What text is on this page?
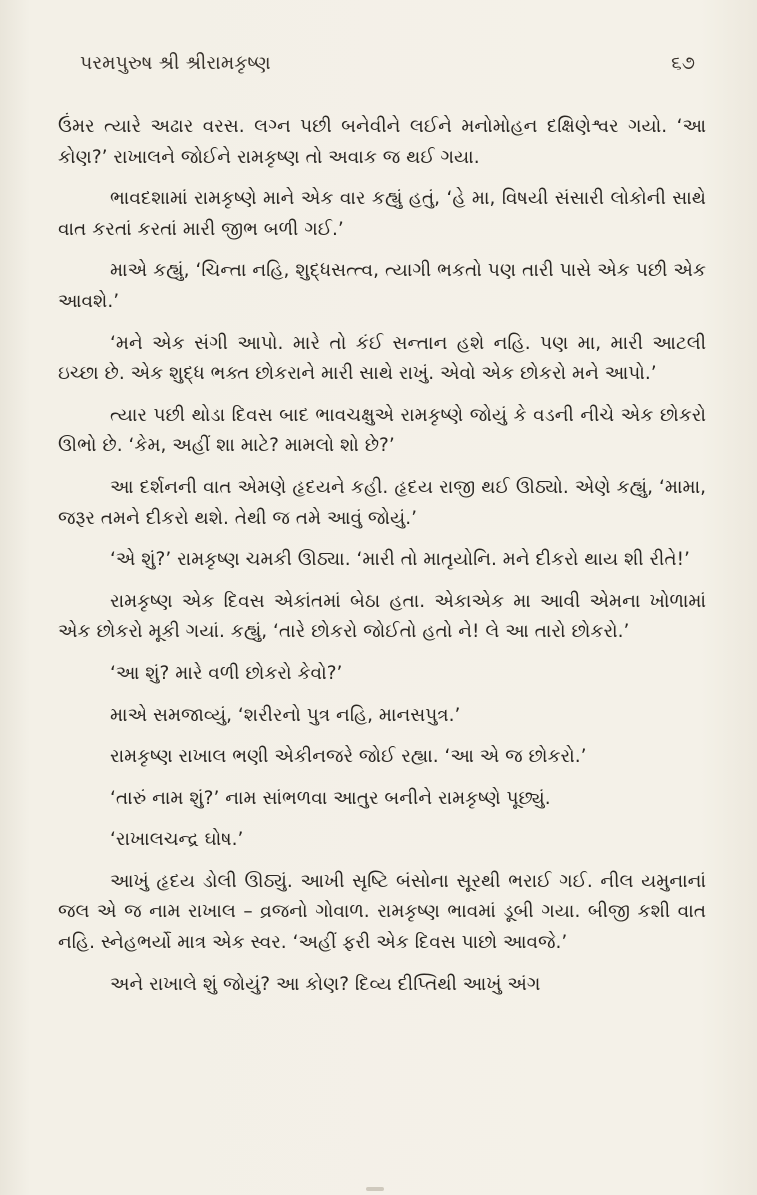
પરમપુરુષ શ્રી શ્રીરામકૃષ્ણ	૬૭

ઉંમર ત્યારે અઢાર વરસ. લગ્ન પછી બનેવીને લઈને મનોમોહન દક્ષિણેશ્વર ગયો. ‘આ કોણ?’ રાખાલને જોઈને રામકૃષ્ણ તો અવાક જ થઈ ગયા.

ભાવદશામાં રામકૃષ્ણે માને એક વાર કહ્યું હતું, ‘હે મા, વિષયી સંસારી લોકોની સાથે વાત કરતાં કરતાં મારી જીભ બળી ગઈ.’

માએ કહ્યું, ‘ચિન્તા નહિ, શુદ્ધસત્ત્વ, ત્યાગી ભકતો પણ તારી પાસે એક પછી એક આવશે.’

‘મને એક સંગી આપો. મારે તો કંઈ સન્તાન હશે નહિ. પણ મા, મારી આટલી ઇચ્છા છે. એક શુદ્ધ ભક્ત છોકરાને મારી સાથે રાખું. એવો એક છોકરો મને આપો.’

ત્યાર પછી થોડા દિવસ બાદ ભાવચક્ષુએ રામકૃષ્ણે જોયું કે વડની નીચે એક છોકરો ઊભો છે. ‘કેમ, અહીં શા માટે? મામલો શો છે?’

આ દર્શનની વાત એમણે હૃદયને કહી. હૃદય રાજી થઈ ઊઠ્યો. એણે કહ્યું, ‘મામા, જરૂર તમને દીકરો થશે. તેથી જ તમે આવું જોયું.’

‘એ શું?’ રામકૃષ્ણ ચમકી ઊઠ્યા. ‘મારી તો માતૃયોનિ. મને દીકરો થાય શી રીતે!’

રામકૃષ્ણ એક દિવસ એકાંતમાં બેઠા હતા. એકાએક મા આવી એમના ખોળામાં એક છોકરો મૂકી ગયાં. કહ્યું, ‘તારે છોકરો જોઈતો હતો ને! લે આ તારો છોકરો.’

‘આ શું? મારે વળી છોકરો કેવો?’

માએ સમજાવ્યું, ‘શરીરનો પુત્ર નહિ, માનસપુત્ર.’

રામકૃષ્ણ રાખાલ ભણી એકીનજરે જોઈ રહ્યા. ‘આ એ જ છોકરો.’

‘તારું નામ શું?’ નામ સાંભળવા આતુર બનીને રામકૃષ્ણે પૂછ્યું.

‘રાખાલચન્દ્ર ઘોષ.’

આખું હૃદય ડોલી ઊઠ્યું. આખી સૃષ્ટિ બંસોના સૂરથી ભરાઈ ગઈ. નીલ યમુનાનાં જલ એ જ નામ રાખાલ – વ્રજનો ગોવાળ. રામકૃષ્ણ ભાવમાં ડૂબી ગયા. બીજી કશી વાત નહિ. સ્નેહભર્યો માત્ર એક સ્વર. ‘અહીં ફરી એક દિવસ પાછો આવજે.’

અને રાખાલે શું જોયું? આ કોણ? દિવ્ય દીપ્તિથી આખું અંગ
